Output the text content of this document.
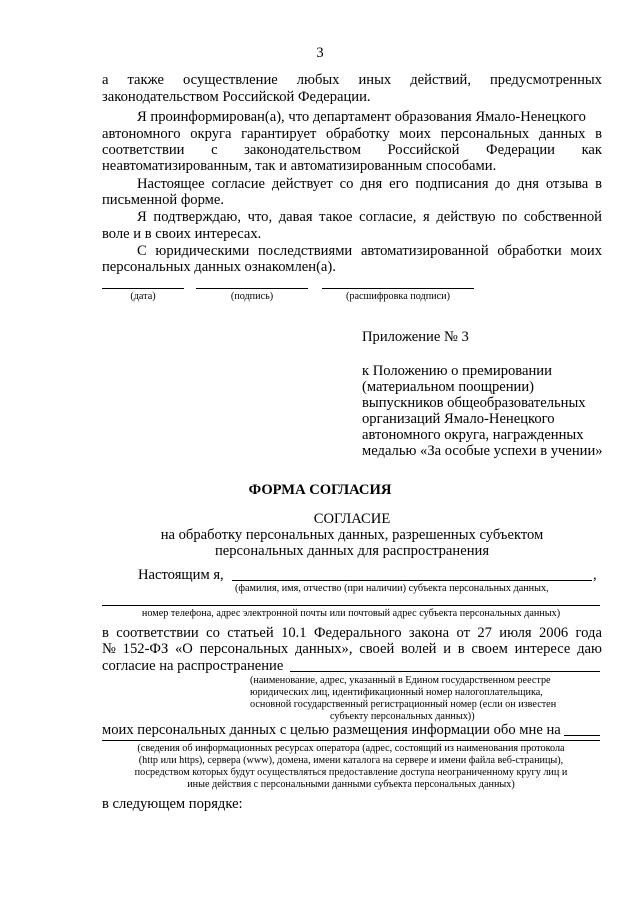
3
а также осуществление любых иных действий, предусмотренных
законодательством Российской Федерации.
Я проинформирован(а), что департамент образования Ямало-Ненецкого
автономного округа гарантирует обработку моих персональных данных в
соответствии с законодательством Российской Федерации как
неавтоматизированным, так и автоматизированным способами.
Настоящее согласие действует со дня его подписания до дня отзыва в
письменной форме.
Я подтверждаю, что, давая такое согласие, я действую по собственной
воле и в своих интересах.
С юридическими последствиями автоматизированной обработки моих
персональных данных ознакомлен(а).
(дата)	(подпись)	(расшифровка подписи)
Приложение № 3
к Положению о премировании
(материальном поощрении)
выпускников общеобразовательных
организаций Ямало-Ненецкого
автономного округа, награжденных
медалью «За особые успехи в учении»
ФОРМА СОГЛАСИЯ
СОГЛАСИЕ
на обработку персональных данных, разрешенных субъектом
персональных данных для распространения
Настоящим я,	,
(фамилия, имя, отчество (при наличии) субъекта персональных данных,
номер телефона, адрес электронной почты или почтовый адрес субъекта персональных данных)
в соответствии со статьей 10.1 Федерального закона от 27 июля 2006 года
№ 152-ФЗ «О персональных данных», своей волей и в своем интересе даю
согласие на распространение
(наименование, адрес, указанный в Едином государственном реестре
юридических лиц, идентификационный номер налогоплательщика,
основной государственный регистрационный номер (если он известен
субъекту персональных данных))
моих персональных данных с целью размещения информации обо мне на
(сведения об информационных ресурсах оператора (адрес, состоящий из наименования протокола
(http или https), сервера (www), домена, имени каталога на сервере и имени файла веб-страницы),
посредством которых будут осуществляться предоставление доступа неограниченному кругу лиц и
иные действия с персональными данными субъекта персональных данных)
в следующем порядке:
